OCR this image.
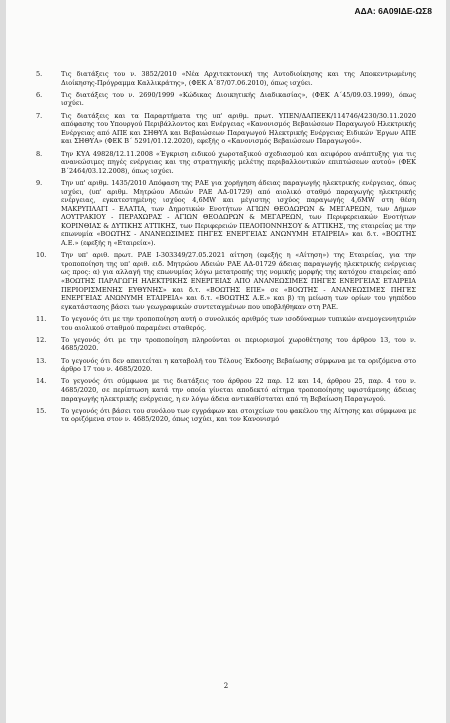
ΑΔΑ: 6Α09ΙΔΕ-ΩΣ8
5.	Τις διατάξεις του ν. 3852/2010 «Νέα Αρχιτεκτονική της Αυτοδιοίκησης και της Αποκεντρωμένης Διοίκησης-Πρόγραμμα Καλλικράτης», (ΦΕΚ Α΄87/07.06.2010), όπως ισχύει.
6.	Τις διατάξεις του ν. 2690/1999 «Κώδικας Διοικητικής Διαδικασίας», (ΦΕΚ Α΄45/09.03.1999), όπως ισχύει.
7.	Τις διατάξεις και τα Παραρτήματα της υπ' αριθμ. πρωτ. ΥΠΕΝ/ΔΑΠΕΕΚ/114746/4230/30.11.2020 απόφασης του Υπουργού Περιβάλλοντος και Ενέργειας «Κανονισμός Βεβαιώσεων Παραγωγού Ηλεκτρικής Ενέργειας από ΑΠΕ και ΣΗΘΥΑ και Βεβαιώσεων Παραγωγού Ηλεκτρικής Ενέργειας Ειδικών Έργων ΑΠΕ και ΣΗΘΥΑ» (ΦΕΚ Β΄ 5291/01.12.2020), εφεξής ο «Κανονισμός Βεβαιώσεων Παραγωγού».
8.	Την ΚΥΑ 49828/12.11.2008 «Έγκριση ειδικού χωροταξικού σχεδιασμού και αειφόρου ανάπτυξης για τις ανανεώσιμες πηγές ενέργειας και της στρατηγικής μελέτης περιβαλλοντικών επιπτώσεων αυτού» (ΦΕΚ Β΄2464/03.12.2008), όπως ισχύει.
9.	Την υπ' αριθμ. 1435/2010 Απόφαση της ΡΑΕ για χορήγηση άδειας παραγωγής ηλεκτρικής ενέργειας, όπως ισχύει, (υπ' αριθμ. Μητρώου Αδειών ΡΑΕ ΑΔ-01729) από αιολικό σταθμό παραγωγής ηλεκτρικής ενέργειας, εγκατεστημένης ισχύος 4,6MW και μέγιστης ισχύος παραγωγής 4,6MW στη θέση ΜΑΚΡΥΠΛΑΓΙ - ΕΛΑΤΙΑ, των Δημοτικών Ενοτήτων ΑΓΙΩΝ ΘΕΟΔΩΡΩΝ & ΜΕΓΑΡΕΩΝ, των Δήμων ΛΟΥΤΡΑΚΙΟΥ - ΠΕΡΑΧΩΡΑΣ - ΑΓΙΩΝ ΘΕΟΔΩΡΩΝ & ΜΕΓΑΡΕΩΝ, των Περιφερειακών Ενοτήτων ΚΟΡΙΝΘΙΑΣ & ΔΥΤΙΚΗΣ ΑΤΤΙΚΗΣ, των Περιφερειών ΠΕΛΟΠΟΝΝΗΣΟΥ & ΑΤΤΙΚΗΣ, της εταιρείας με την επωνυμία «ΒΟΩΤΗΣ - ΑΝΑΝΕΩΣΙΜΕΣ ΠΗΓΕΣ ΕΝΕΡΓΕΙΑΣ ΑΝΩΝΥΜΗ ΕΤΑΙΡΕΙΑ» και δ.τ. «ΒΟΩΤΗΣ Α.Ε.» (εφεξής η «Εταιρεία»).
10.	Την υπ' αριθ. πρωτ. ΡΑΕ Ι-303349/27.05.2021 αίτηση (εφεξής η «Αίτηση») της Εταιρείας, για την τροποποίηση της υπ' αριθ. ειδ. Μητρώου Αδειών ΡΑΕ ΑΔ-01729 άδειας παραγωγής ηλεκτρικής ενέργειας ως προς: α) για αλλαγή της επωνυμίας λόγω μετατροπής της νομικής μορφής της κατόχου εταιρείας από «ΒΟΩΤΗΣ ΠΑΡΑΓΩΓΗ ΗΛΕΚΤΡΙΚΗΣ ΕΝΕΡΓΕΙΑΣ ΑΠΟ ΑΝΑΝΕΩΣΙΜΕΣ ΠΗΓΕΣ ΕΝΕΡΓΕΙΑΣ ΕΤΑΙΡΕΙΑ ΠΕΡΙΟΡΙΣΜΕΝΗΣ ΕΥΘΥΝΗΣ» και δ.τ. «ΒΟΩΤΗΣ ΕΠΕ» σε «ΒΟΩΤΗΣ - ΑΝΑΝΕΩΣΙΜΕΣ ΠΗΓΕΣ ΕΝΕΡΓΕΙΑΣ ΑΝΩΝΥΜΗ ΕΤΑΙΡΕΙΑ» και δ.τ. «ΒΟΩΤΗΣ Α.Ε.» και β) τη μείωση των ορίων του γηπέδου εγκατάστασης βάσει των γεωγραφικών συντεταγμένων που υποβλήθηκαν στη ΡΑΕ.
11.	Το γεγονός ότι με την τροποποίηση αυτή ο συνολικός αριθμός των ισοδύναμων τυπικών ανεμογεννητριών του αιολικού σταθμού παραμένει σταθερός.
12.	Το γεγονός ότι με την τροποποίηση πληρούνται οι περιορισμοί χωροθέτησης του άρθρου 13, του ν. 4685/2020.
13.	Το γεγονός ότι δεν απαιτείται η καταβολή του Τέλους Έκδοσης Βεβαίωσης σύμφωνα με τα οριζόμενα στο άρθρο 17 του ν. 4685/2020.
14.	Το γεγονός ότι σύμφωνα με τις διατάξεις του άρθρου 22 παρ. 12 και 14, άρθρου 25, παρ. 4 του ν. 4685/2020, σε περίπτωση κατά την οποία γίνεται αποδεκτό αίτημα τροποποίησης υφιστάμενης άδειας παραγωγής ηλεκτρικής ενέργειας, η εν λόγω άδεια αντικαθίσταται από τη Βεβαίωση Παραγωγού.
15.	Το γεγονός ότι βάσει του συνόλου των εγγράφων και στοιχείων του φακέλου της Αίτησης και σύμφωνα με τα οριζόμενα στον ν. 4685/2020, όπως ισχύει, και τον Κανονισμό
2
